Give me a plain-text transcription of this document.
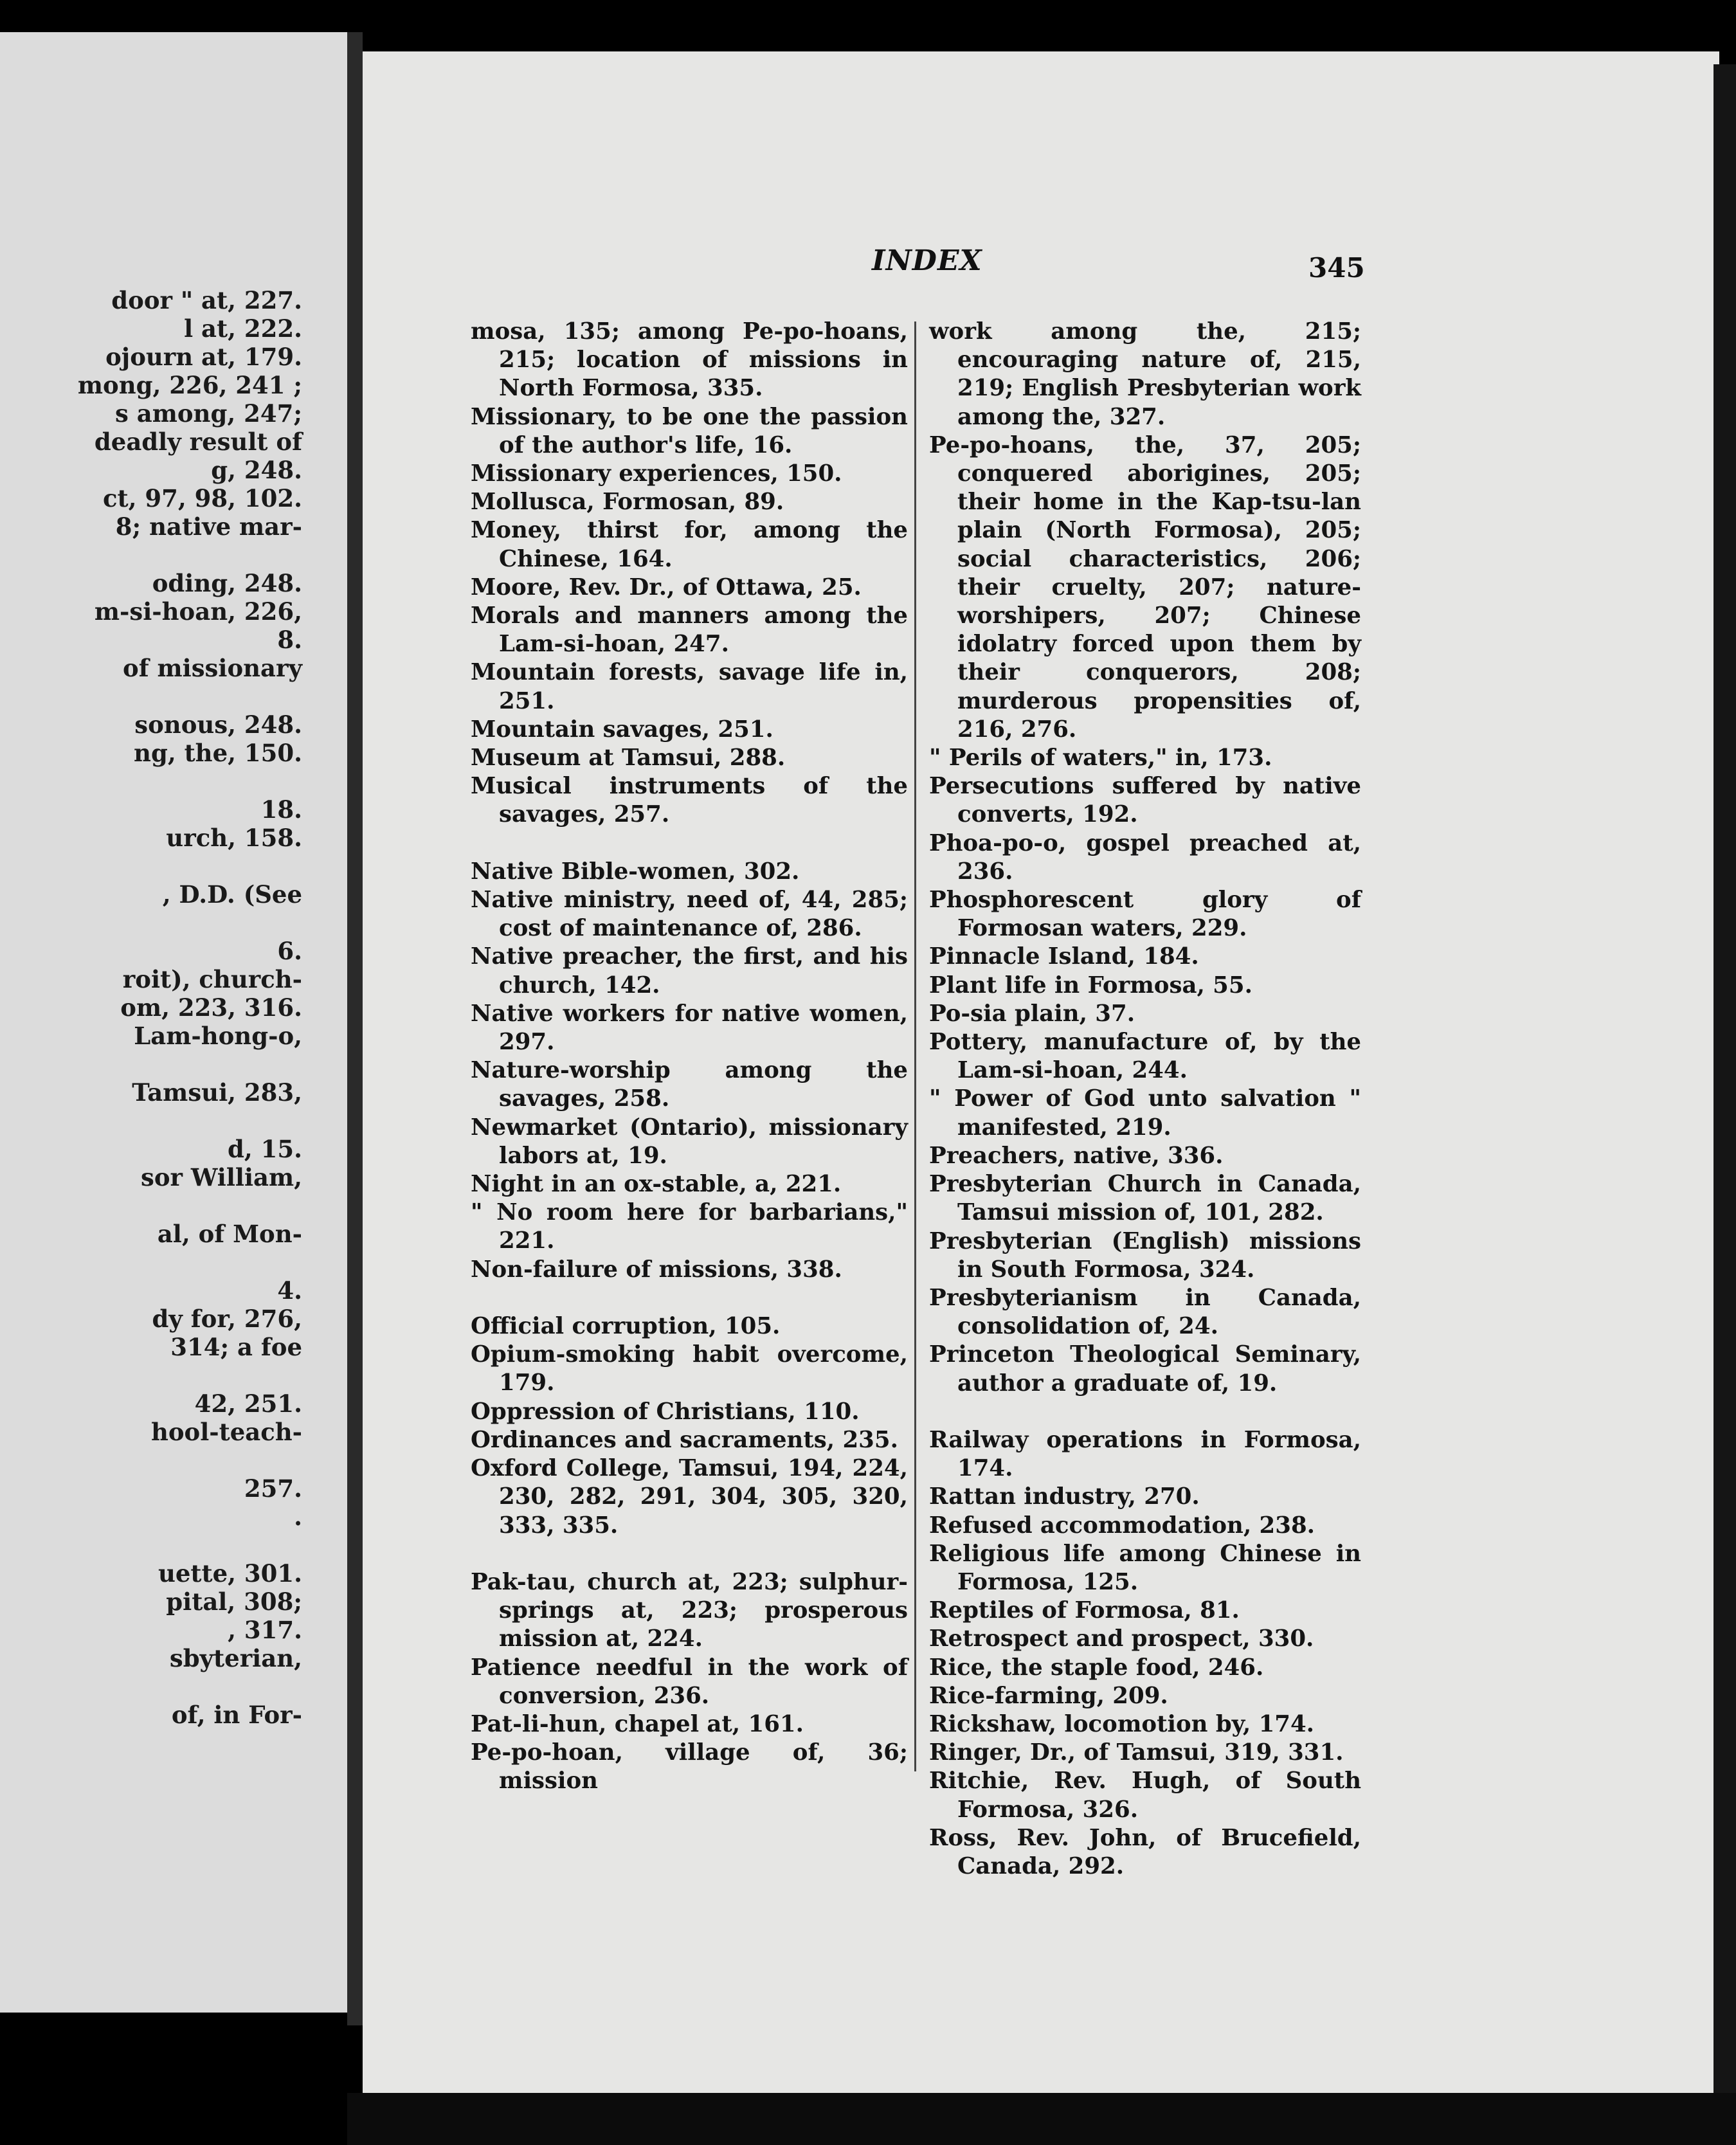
door " at, 227.
l at, 222.
ojourn at, 179.
mong, 226, 241 ;
s among, 247;
deadly result of
g, 248.
ct, 97, 98, 102.
8; native mar-
oding, 248.
m-si-hoan, 226,
8.
of missionary
sonous, 248.
ng, the, 150.
18.
urch, 158.
, D.D. (See
6.
roit), church-
om, 223, 316.
Lam-hong-o,
Tamsui, 283,
d, 15.
sor William,
al, of Mon-
4.
dy for, 276,
314; a foe
42, 251.
hool-teach-
257.
.
uette, 301.
pital, 308;
, 317.
sbyterian,
of, in For-
INDEX	345
mosa, 135; among Pe-po-hoans, 215; location of missions in North Formosa, 335.
Missionary, to be one the passion of the author's life, 16.
Missionary experiences, 150.
Mollusca, Formosan, 89.
Money, thirst for, among the Chinese, 164.
Moore, Rev. Dr., of Ottawa, 25.
Morals and manners among the Lam-si-hoan, 247.
Mountain forests, savage life in, 251.
Mountain savages, 251.
Museum at Tamsui, 288.
Musical instruments of the savages, 257.
Native Bible-women, 302.
Native ministry, need of, 44, 285; cost of maintenance of, 286.
Native preacher, the first, and his church, 142.
Native workers for native women, 297.
Nature-worship among the savages, 258.
Newmarket (Ontario), missionary labors at, 19.
Night in an ox-stable, a, 221.
" No room here for barbarians," 221.
Non-failure of missions, 338.
Official corruption, 105.
Opium-smoking habit overcome, 179.
Oppression of Christians, 110.
Ordinances and sacraments, 235.
Oxford College, Tamsui, 194, 224, 230, 282, 291, 304, 305, 320, 333, 335.
Pak-tau, church at, 223; sulphur-springs at, 223; prosperous mission at, 224.
Patience needful in the work of conversion, 236.
Pat-li-hun, chapel at, 161.
Pe-po-hoan, village of, 36; mission
work among the, 215; encouraging nature of, 215, 219; English Presbyterian work among the, 327.
Pe-po-hoans, the, 37, 205; conquered aborigines, 205; their home in the Kap-tsu-lan plain (North Formosa), 205; social characteristics, 206; their cruelty, 207; nature-worshipers, 207; Chinese idolatry forced upon them by their conquerors, 208; murderous propensities of, 216, 276.
" Perils of waters," in, 173.
Persecutions suffered by native converts, 192.
Phoa-po-o, gospel preached at, 236.
Phosphorescent glory of Formosan waters, 229.
Pinnacle Island, 184.
Plant life in Formosa, 55.
Po-sia plain, 37.
Pottery, manufacture of, by the Lam-si-hoan, 244.
" Power of God unto salvation " manifested, 219.
Preachers, native, 336.
Presbyterian Church in Canada, Tamsui mission of, 101, 282.
Presbyterian (English) missions in South Formosa, 324.
Presbyterianism in Canada, consolidation of, 24.
Princeton Theological Seminary, author a graduate of, 19.
Railway operations in Formosa, 174.
Rattan industry, 270.
Refused accommodation, 238.
Religious life among Chinese in Formosa, 125.
Reptiles of Formosa, 81.
Retrospect and prospect, 330.
Rice, the staple food, 246.
Rice-farming, 209.
Rickshaw, locomotion by, 174.
Ringer, Dr., of Tamsui, 319, 331.
Ritchie, Rev. Hugh, of South Formosa, 326.
Ross, Rev. John, of Brucefield, Canada, 292.
